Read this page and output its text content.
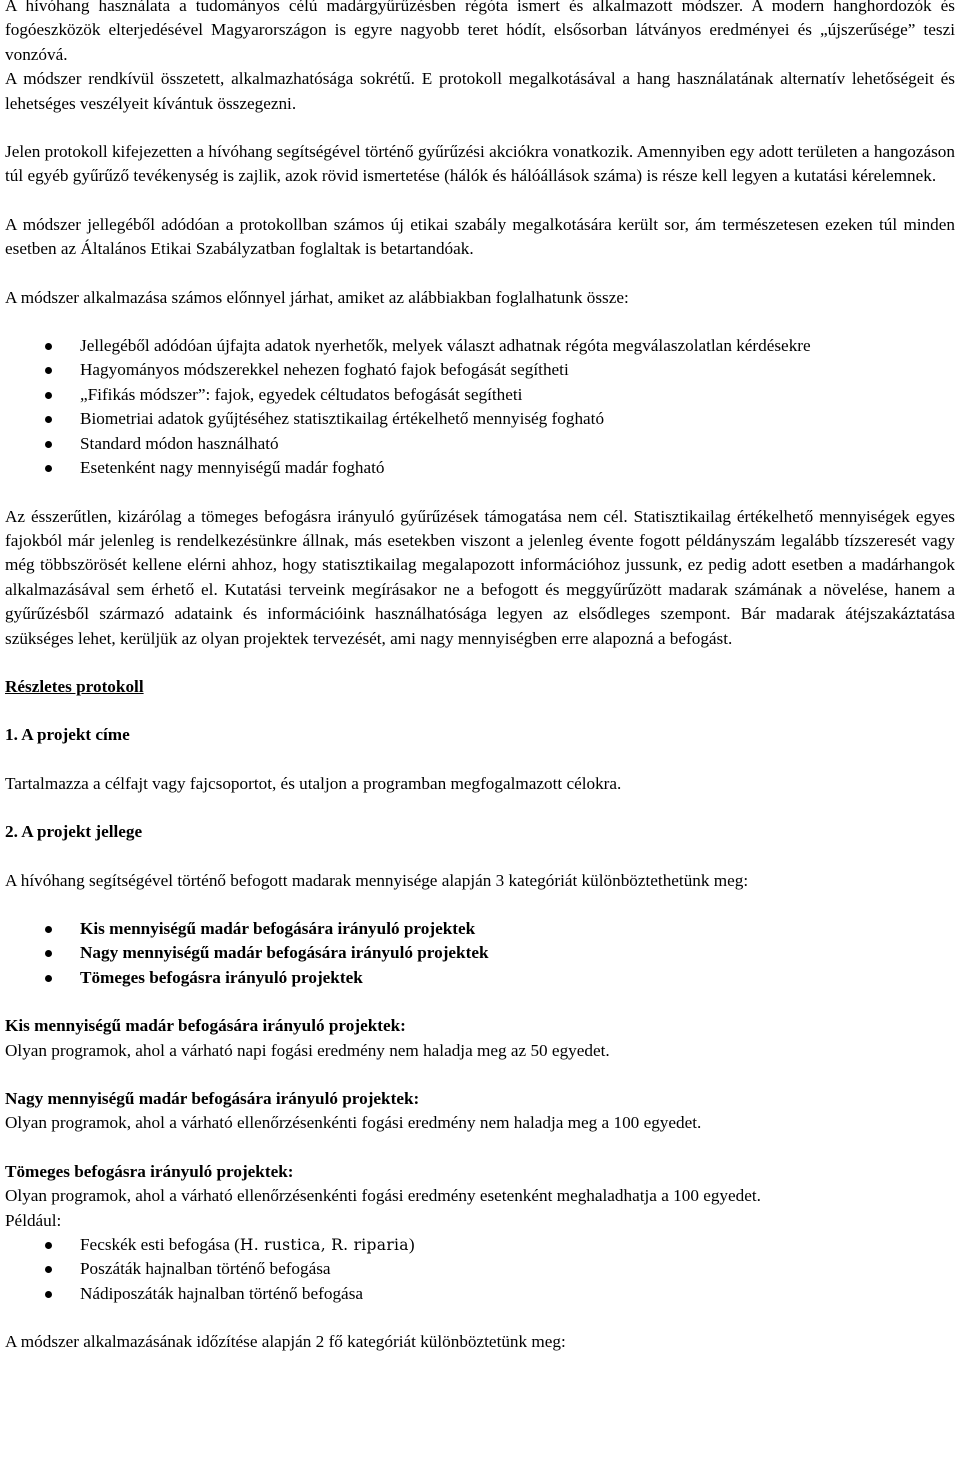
A hívóhang használata a tudományos célú madárgyűrűzésben régóta ismert és alkalmazott módszer. A modern hanghordozók és fogóeszközök elterjedésével Magyarországon is egyre nagyobb teret hódít, elsősorban látványos eredményei és „újszerűsége” teszi vonzóvá.

A módszer rendkívül összetett, alkalmazhatósága sokrétű. E protokoll megalkotásával a hang használatának alternatív lehetőségeit és lehetséges veszélyeit kívántuk összegezni.

Jelen protokoll kifejezetten a hívóhang segítségével történő gyűrűzési akciókra vonatkozik. Amennyiben egy adott területen a hangozáson túl egyéb gyűrűző tevékenység is zajlik, azok rövid ismertetése (hálók és hálóállások száma) is része kell legyen a kutatási kérelemnek.

A módszer jellegéből adódóan a protokollban számos új etikai szabály megalkotására került sor, ám természetesen ezeken túl minden esetben az Általános Etikai Szabályzatban foglaltak is betartandóak.

A módszer alkalmazása számos előnnyel járhat, amiket az alábbiakban foglalhatunk össze:

Jellegéből adódóan újfajta adatok nyerhetők, melyek választ adhatnak régóta megválaszolatlan kérdésekre
Hagyományos módszerekkel nehezen fogható fajok befogását segítheti
„Fifikás módszer”: fajok, egyedek céltudatos befogását segítheti
Biometriai adatok gyűjtéséhez statisztikailag értékelhető mennyiség fogható
Standard módon használható
Esetenként nagy mennyiségű madár fogható

Az ésszerűtlen, kizárólag a tömeges befogásra irányuló gyűrűzések támogatása nem cél. Statisztikailag értékelhető mennyiségek egyes fajokból már jelenleg is rendelkezésünkre állnak, más esetekben viszont a jelenleg évente fogott példányszám legalább tízszeresét vagy még többszörösét kellene elérni ahhoz, hogy statisztikailag megalapozott információhoz jussunk, ez pedig adott esetben a madárhangok alkalmazásával sem érhető el. Kutatási terveink megírásakor ne a befogott és meggyűrűzött madarak számának a növelése, hanem a gyűrűzésből származó adataink és információink használhatósága legyen az elsődleges szempont. Bár madarak átéjszakáztatása szükséges lehet, kerüljük az olyan projektek tervezését, ami nagy mennyiségben erre alapozná a befogást.

Részletes protokoll

1. A projekt címe

Tartalmazza a célfajt vagy fajcsoportot, és utaljon a programban megfogalmazott célokra.

2. A projekt jellege

A hívóhang segítségével történő befogott madarak mennyisége alapján 3 kategóriát különböztethetünk meg:

Kis mennyiségű madár befogására irányuló projektek
Nagy mennyiségű madár befogására irányuló projektek
Tömeges befogásra irányuló projektek

Kis mennyiségű madár befogására irányuló projektek:

Olyan programok, ahol a várható napi fogási eredmény nem haladja meg az 50 egyedet.

Nagy mennyiségű madár befogására irányuló projektek:

Olyan programok, ahol a várható ellenőrzésenkénti fogási eredmény nem haladja meg a 100 egyedet.

Tömeges befogásra irányuló projektek:

Olyan programok, ahol a várható ellenőrzésenkénti fogási eredmény esetenként meghaladhatja a 100 egyedet.

Például:

Fecskék esti befogása (H. rustica, R. riparia)
Poszáták hajnalban történő befogása
Nádiposzáták hajnalban történő befogása

A módszer alkalmazásának időzítése alapján 2 fő kategóriát különböztetünk meg:
